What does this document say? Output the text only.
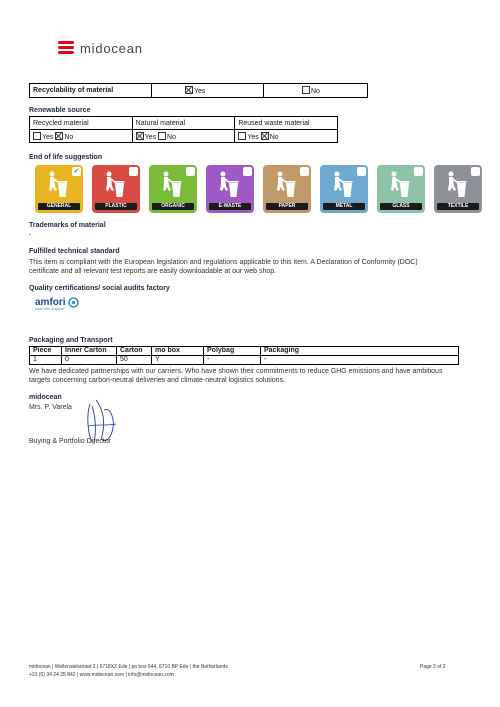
midocean
Recyclability of material	Yes	No
Renewable source
Recycled material	Natural material	Reused waste material
Yes No	Yes No	Yes No
End of life suggestion
GENERAL
✓
PLASTIC	ORGANIC	E-WASTE	PAPER	METAL	GLASS	TEXTILE
Trademarks of material
-
Fulfilled technical standard
This item is compliant with the European legislation and regulations applicable to this item. A Declaration of Conformity (DOC)
certificate and all relevant test reports are easily downloadable at our web shop.
Quality certifications/ social audits factory
amfori
trade with purpose
Packaging and Transport
Piece	Inner Carton	Carton	mo box	Polybag	Packaging
1	0	50	Y	-	-
We have dedicated partnerships with our carriers. Who have shown their commitments to reduce GHG emissions and have ambitious
targets concerning carbon-neutral deliveries and climate-neutral logistics solutions.
midocean
Mrs. P. Varela
Buying & Portfolio Director
midocean | Wellensiekstraat 2 | 6718XZ Ede | po box 644, 6710 BP Ede | the Netherlands
+31 (0) 34 24 25 842 | www.midocean.com | info@midocean.com
Page 2 of 2
